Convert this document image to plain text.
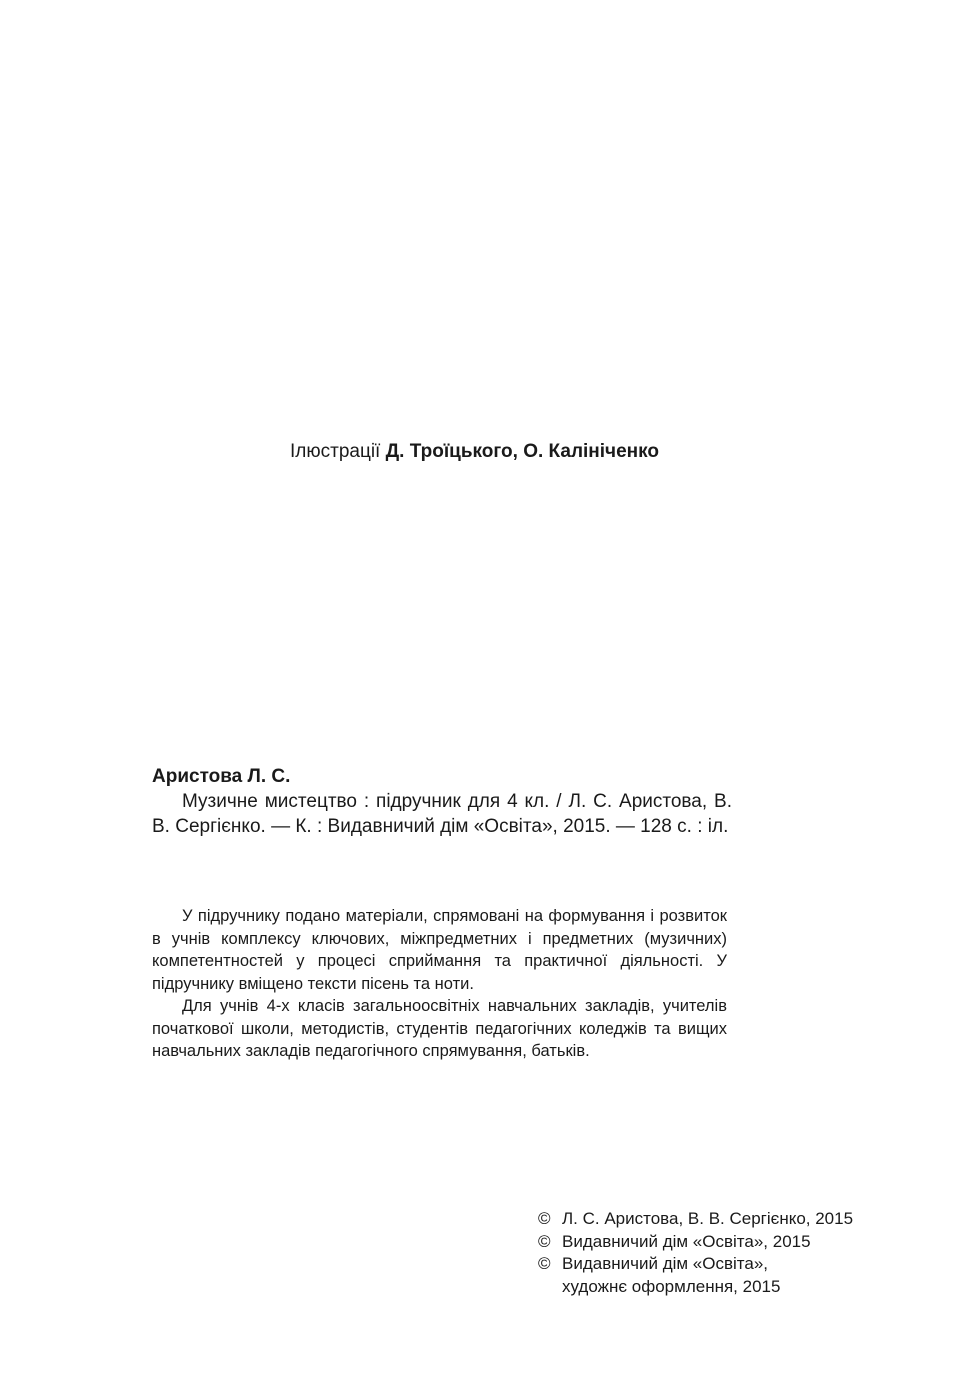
Ілюстрації Д. Троїцького, О. Калініченко

Аристова Л. С.

Музичне мистецтво : підручник для 4 кл. / Л. С. Аристова, В. В. Сергієнко. — К. : Видавничий дім «Освіта», 2015. — 128 с. : іл.

У підручнику подано матеріали, спрямовані на формування і розвиток в учнів комплексу ключових, міжпредметних і предметних (музичних) компетентностей у процесі сприймання та практичної діяльності. У підручнику вміщено тексти пісень та ноти.

Для учнів 4-х класів загальноосвітніх навчальних закладів, учителів початкової школи, методистів, студентів педагогічних коледжів та вищих навчальних закладів педагогічного спрямування, батьків.

© Л. С. Аристова, В. В. Сергієнко, 2015
© Видавничий дім «Освіта», 2015
© Видавничий дім «Освіта»,
художнє оформлення, 2015
